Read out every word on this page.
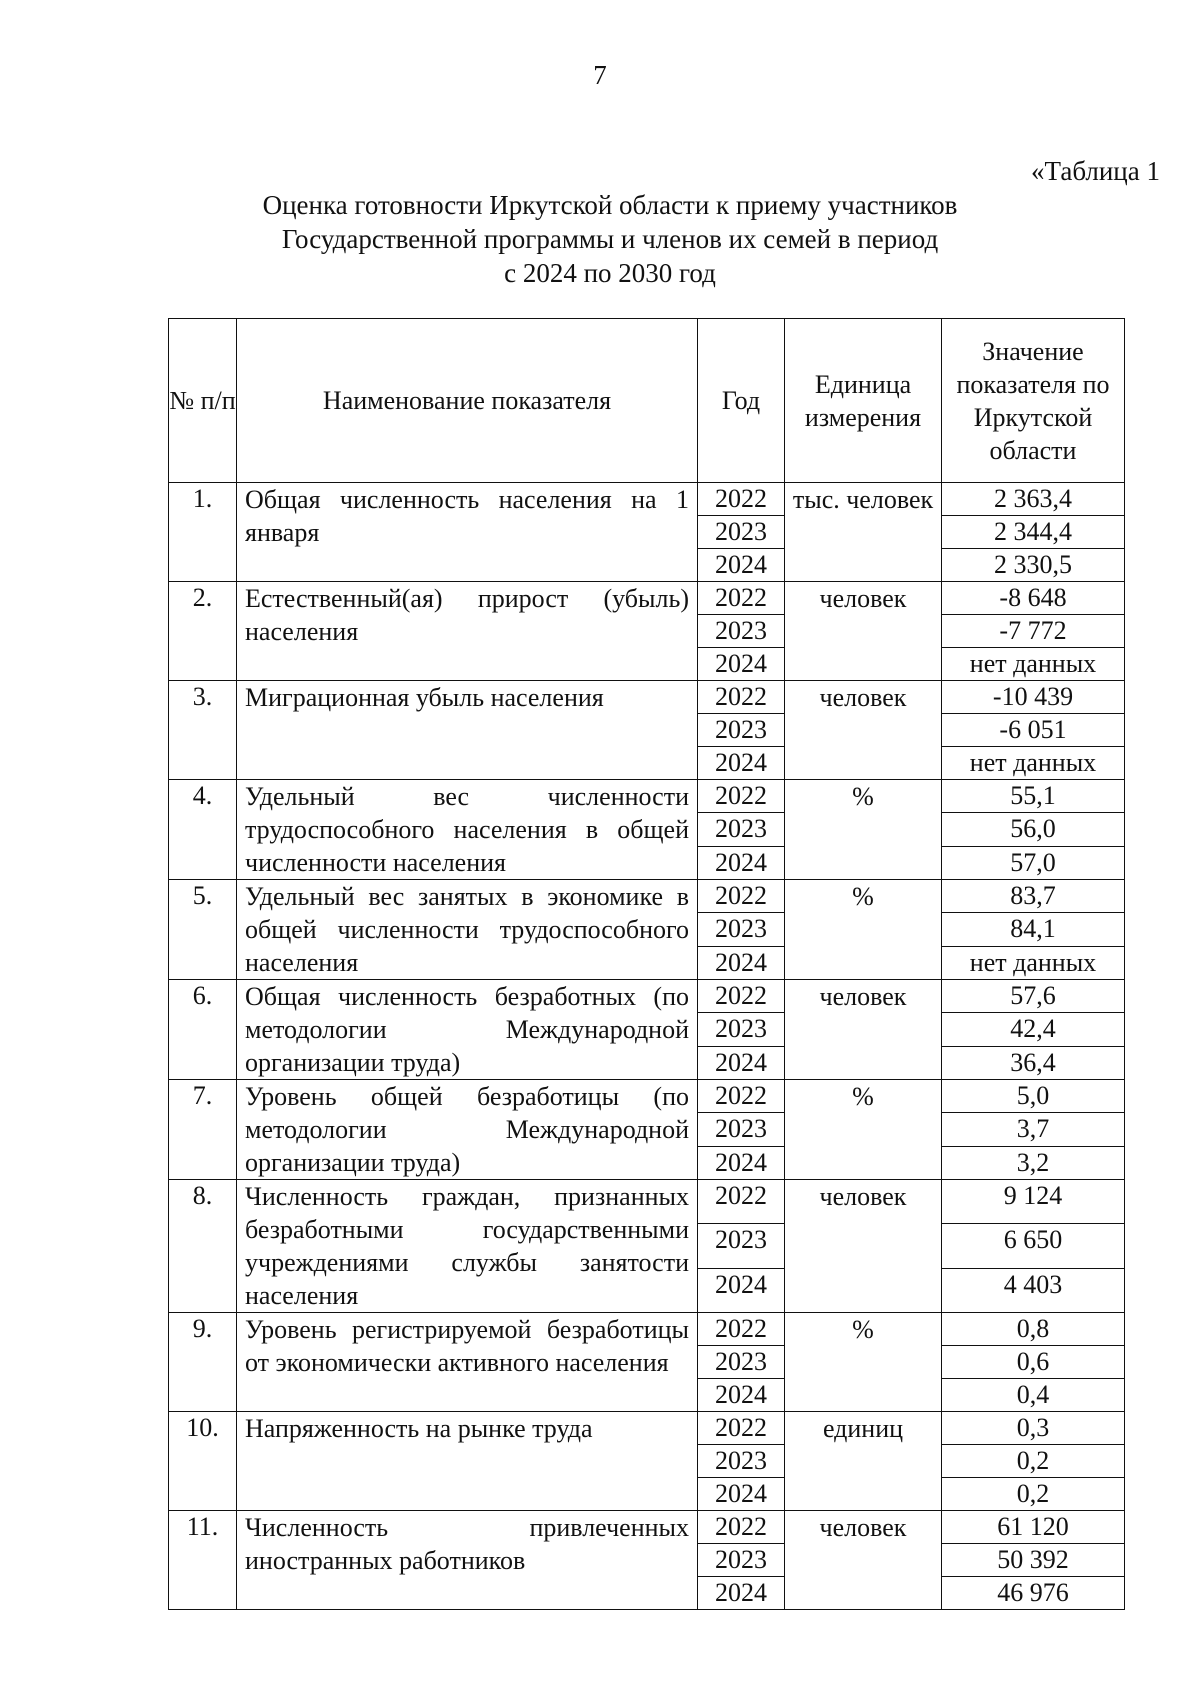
7
«Таблица 1
Оценка готовности Иркутской области к приему участников
Государственной программы и членов их семей в период
с 2024 по 2030 год
№ п/п	Наименование показателя	Год	Единица измерения	Значение показателя по Иркутской области
1.	Общая численность населения на 1 января	2022	тыс. человек	2 363,4
		2023		2 344,4
		2024		2 330,5
2.	Естественный(ая) прирост (убыль) населения	2022	человек	-8 648
		2023		-7 772
		2024		нет данных
3.	Миграционная убыль населения	2022	человек	-10 439
		2023		-6 051
		2024		нет данных
4.	Удельный вес численности трудоспособного населения в общей численности населения	2022	%	55,1
		2023		56,0
		2024		57,0
5.	Удельный вес занятых в экономике в общей численности трудоспособного населения	2022	%	83,7
		2023		84,1
		2024		нет данных
6.	Общая численность безработных (по методологии Международной организации труда)	2022	человек	57,6
		2023		42,4
		2024		36,4
7.	Уровень общей безработицы (по методологии Международной организации труда)	2022	%	5,0
		2023		3,7
		2024		3,2
8.	Численность граждан, признанных безработными государственными учреждениями службы занятости населения	2022	человек	9 124
		2023		6 650
		2024		4 403
9.	Уровень регистрируемой безработицы от экономически активного населения	2022	%	0,8
		2023		0,6
		2024		0,4
10.	Напряженность на рынке труда	2022	единиц	0,3
		2023		0,2
		2024		0,2
11.	Численность привлеченных иностранных работников	2022	человек	61 120
		2023		50 392
		2024		46 976
